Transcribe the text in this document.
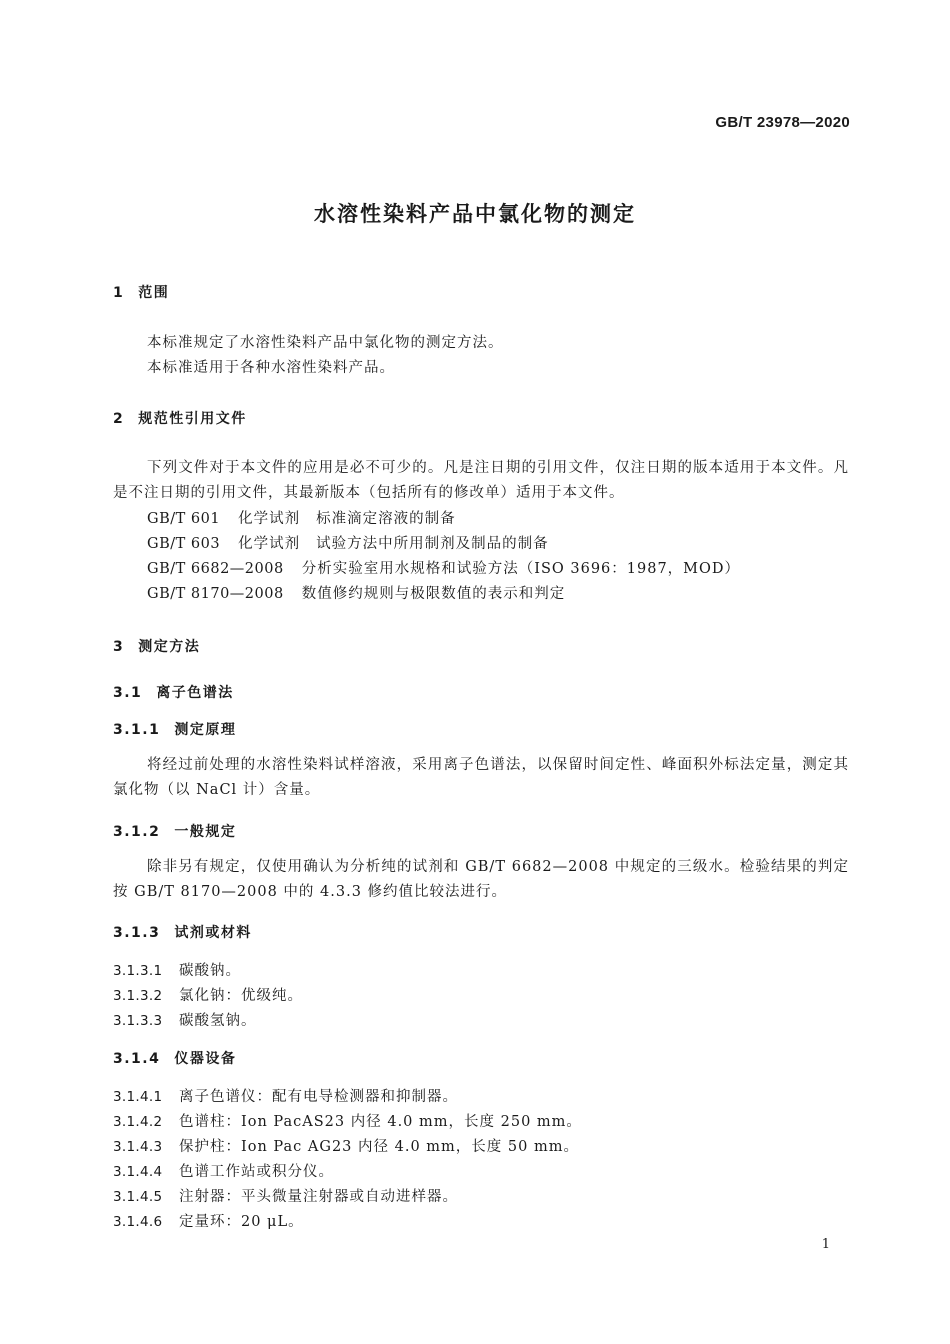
GB/T 23978—2020
水溶性染料产品中氯化物的测定
1 范围
本标准规定了水溶性染料产品中氯化物的测定方法。
本标准适用于各种水溶性染料产品。
2 规范性引用文件
下列文件对于本文件的应用是必不可少的。凡是注日期的引用文件，仅注日期的版本适用于本文件。凡是不注日期的引用文件，其最新版本（包括所有的修改单）适用于本文件。
GB/T 601 化学试剂 标准滴定溶液的制备
GB/T 603 化学试剂 试验方法中所用制剂及制品的制备
GB/T 6682—2008 分析实验室用水规格和试验方法（ISO 3696：1987，MOD）
GB/T 8170—2008 数值修约规则与极限数值的表示和判定
3 测定方法
3.1 离子色谱法
3.1.1 测定原理
将经过前处理的水溶性染料试样溶液，采用离子色谱法，以保留时间定性、峰面积外标法定量，测定其氯化物（以 NaCl 计）含量。
3.1.2 一般规定
除非另有规定，仅使用确认为分析纯的试剂和 GB/T 6682—2008 中规定的三级水。检验结果的判定按 GB/T 8170—2008 中的 4.3.3 修约值比较法进行。
3.1.3 试剂或材料
3.1.3.1 碳酸钠。
3.1.3.2 氯化钠：优级纯。
3.1.3.3 碳酸氢钠。
3.1.4 仪器设备
3.1.4.1 离子色谱仪：配有电导检测器和抑制器。
3.1.4.2 色谱柱：Ion PacAS23 内径 4.0 mm，长度 250 mm。
3.1.4.3 保护柱：Ion Pac AG23 内径 4.0 mm，长度 50 mm。
3.1.4.4 色谱工作站或积分仪。
3.1.4.5 注射器：平头微量注射器或自动进样器。
3.1.4.6 定量环：20 μL。
1
